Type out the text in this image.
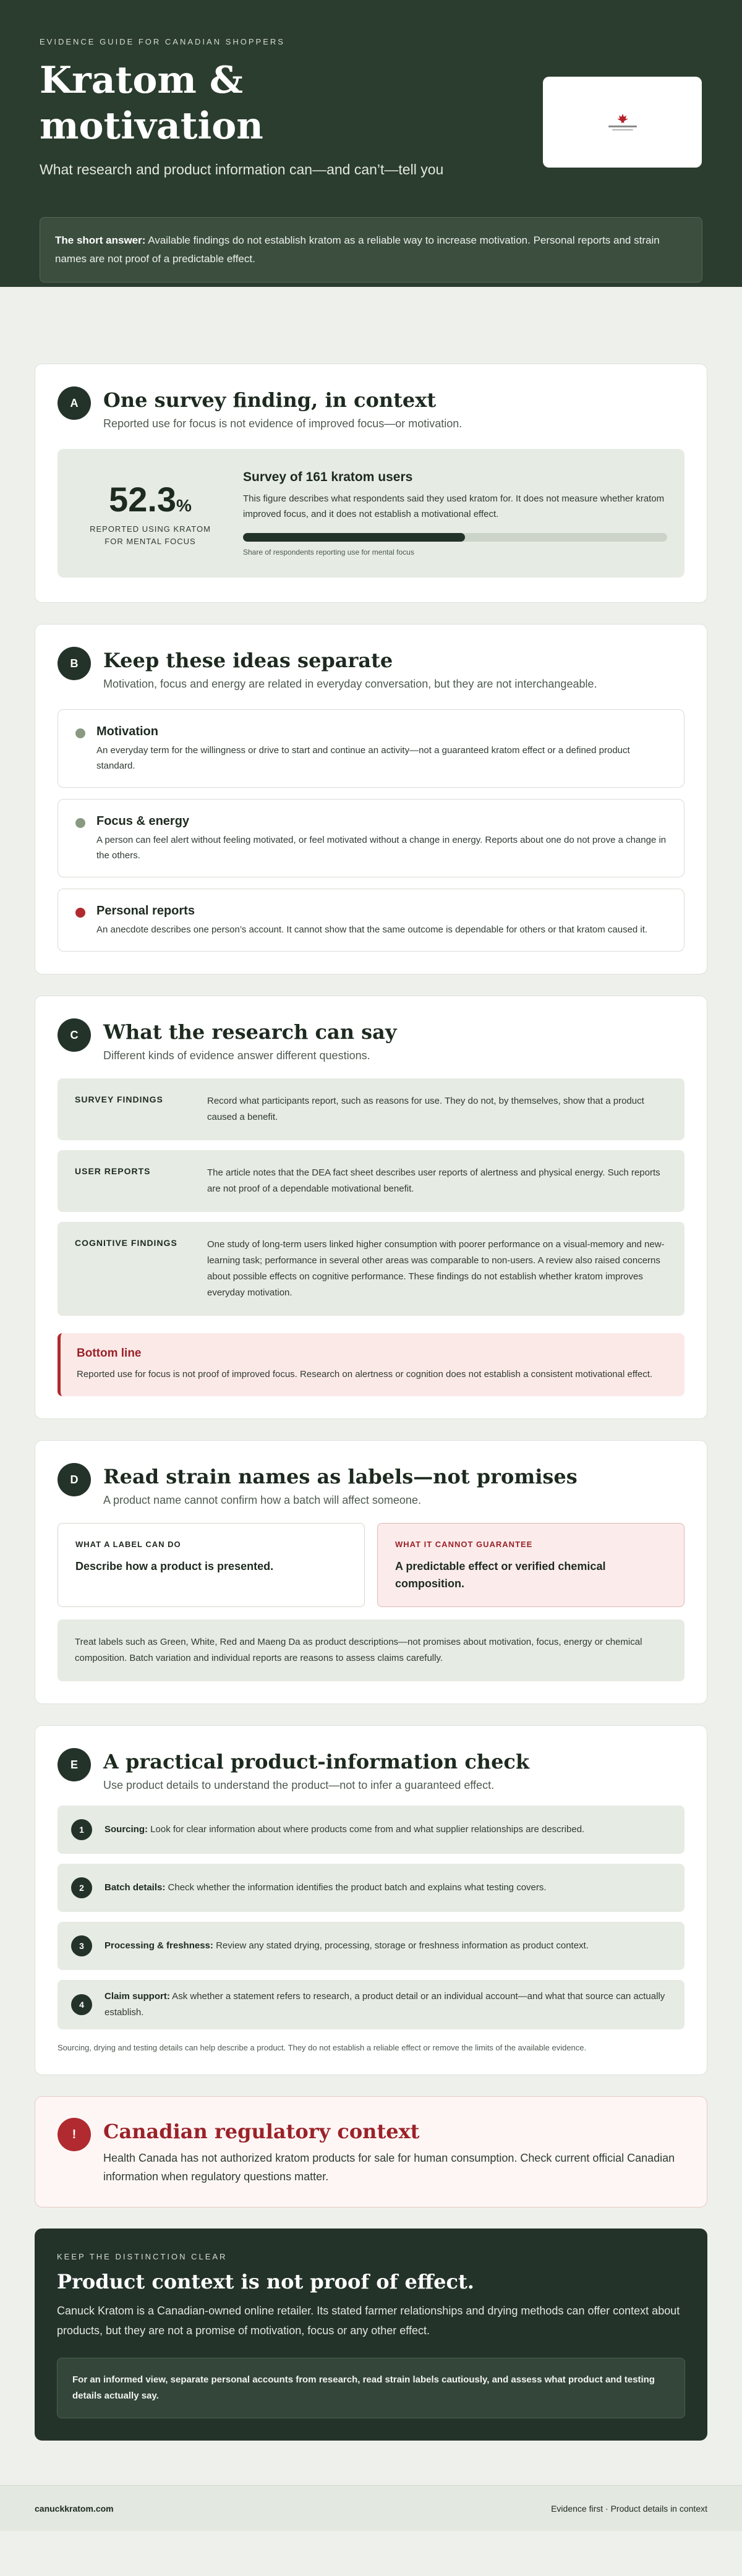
EVIDENCE GUIDE FOR CANADIAN SHOPPERS
Kratom & motivation

What research and product information can—and can’t—tell you

The short answer: Available findings do not establish kratom as a reliable way to increase motivation. Personal reports and strain names are not proof of a predictable effect.
A	One survey finding, in context

Reported use for focus is not evidence of improved focus—or motivation.

52.3%
REPORTED USING KRATOM FOR MENTAL FOCUS
Survey of 161 kratom users
This figure describes what respondents said they used kratom for. It does not measure whether kratom improved focus, and it does not establish a motivational effect.
Share of respondents reporting use for mental focus
B	Keep these ideas separate

Motivation, focus and energy are related in everyday conversation, but they are not interchangeable.

Motivation
An everyday term for the willingness or drive to start and continue an activity—not a guaranteed kratom effect or a defined product standard.
Focus & energy
A person can feel alert without feeling motivated, or feel motivated without a change in energy. Reports about one do not prove a change in the others.
Personal reports
An anecdote describes one person’s account. It cannot show that the same outcome is dependable for others or that kratom caused it.
C	What the research can say

Different kinds of evidence answer different questions.

SURVEY FINDINGS	Record what participants report, such as reasons for use. They do not, by themselves, show that a product caused a benefit.
USER REPORTS	The article notes that the DEA fact sheet describes user reports of alertness and physical energy. Such reports are not proof of a dependable motivational benefit.
COGNITIVE FINDINGS	One study of long-term users linked higher consumption with poorer performance on a visual-memory and new-learning task; performance in several other areas was comparable to non-users. A review also raised concerns about possible effects on cognitive performance. These findings do not establish whether kratom improves everyday motivation.
Bottom line
Reported use for focus is not proof of improved focus. Research on alertness or cognition does not establish a consistent motivational effect.
D	Read strain names as labels—not promises

A product name cannot confirm how a batch will affect someone.

WHAT A LABEL CAN DO
Describe how a product is presented.
WHAT IT CANNOT GUARANTEE
A predictable effect or verified chemical composition.
Treat labels such as Green, White, Red and Maeng Da as product descriptions—not promises about motivation, focus, energy or chemical composition. Batch variation and individual reports are reasons to assess claims carefully.
E	A practical product-information check

Use product details to understand the product—not to infer a guaranteed effect.

1	Sourcing: Look for clear information about where products come from and what supplier relationships are described.
2	Batch details: Check whether the information identifies the product batch and explains what testing covers.
3	Processing & freshness: Review any stated drying, processing, storage or freshness information as product context.
4
Claim support: Ask whether a statement refers to research, a product detail or an individual account—and what that source can actually establish.

Sourcing, drying and testing details can help describe a product. They do not establish a reliable effect or remove the limits of the available evidence.

!	Canadian regulatory context

Health Canada has not authorized kratom products for sale for human consumption. Check current official Canadian information when regulatory questions matter.

KEEP THE DISTINCTION CLEAR
Product context is not proof of effect.

Canuck Kratom is a Canadian-owned online retailer. Its stated farmer relationships and drying methods can offer context about products, but they are not a promise of motivation, focus or any other effect.

For an informed view, separate personal accounts from research, read strain labels cautiously, and assess what product and testing details actually say.
canuckkratom.com	Evidence first · Product details in context
